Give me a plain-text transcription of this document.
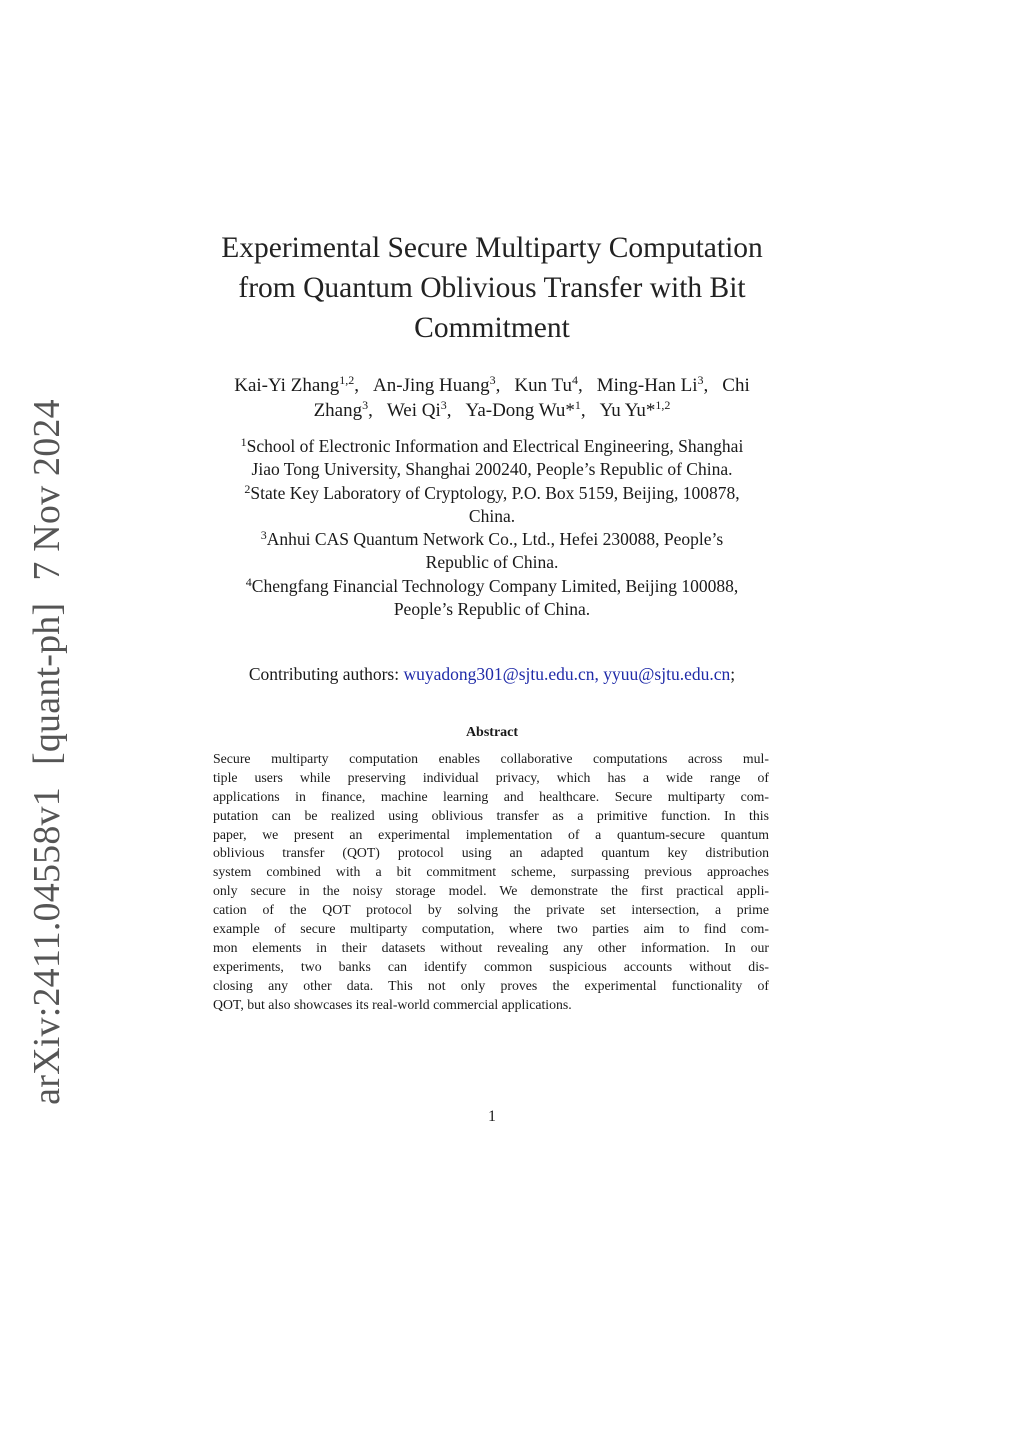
arXiv:2411.04558v1[quant-ph]7 Nov 2024
Experimental Secure Multiparty Computation
from Quantum Oblivious Transfer with Bit
Commitment
Kai-Yi Zhang$^{1,2}$, An-Jing Huang$^3$, Kun Tu$^4$, Ming-Han Li$^3$, Chi
Zhang$^3$, Wei Qi$^3$, Ya-Dong Wu*$^1$, Yu Yu*$^{1,2}$
$^1$School of Electronic Information and Electrical Engineering, Shanghai
Jiao Tong University, Shanghai 200240, People’s Republic of China.
$^2$State Key Laboratory of Cryptology, P.O. Box 5159, Beijing, 100878,
China.
$^3$Anhui CAS Quantum Network Co., Ltd., Hefei 230088, People’s
Republic of China.
$^4$Chengfang Financial Technology Company Limited, Beijing 100088,
People’s Republic of China.
Contributing authors: wuyadong301@sjtu.edu.cn, yyuu@sjtu.edu.cn;
Abstract
Secure multiparty computation enables collaborative computations across mul-
tiple users while preserving individual privacy, which has a wide range of
applications in finance, machine learning and healthcare. Secure multiparty com-
putation can be realized using oblivious transfer as a primitive function. In this
paper, we present an experimental implementation of a quantum-secure quantum
oblivious transfer (QOT) protocol using an adapted quantum key distribution
system combined with a bit commitment scheme, surpassing previous approaches
only secure in the noisy storage model. We demonstrate the first practical appli-
cation of the QOT protocol by solving the private set intersection, a prime
example of secure multiparty computation, where two parties aim to find com-
mon elements in their datasets without revealing any other information. In our
experiments, two banks can identify common suspicious accounts without dis-
closing any other data. This not only proves the experimental functionality of
QOT, but also showcases its real-world commercial applications.
1
